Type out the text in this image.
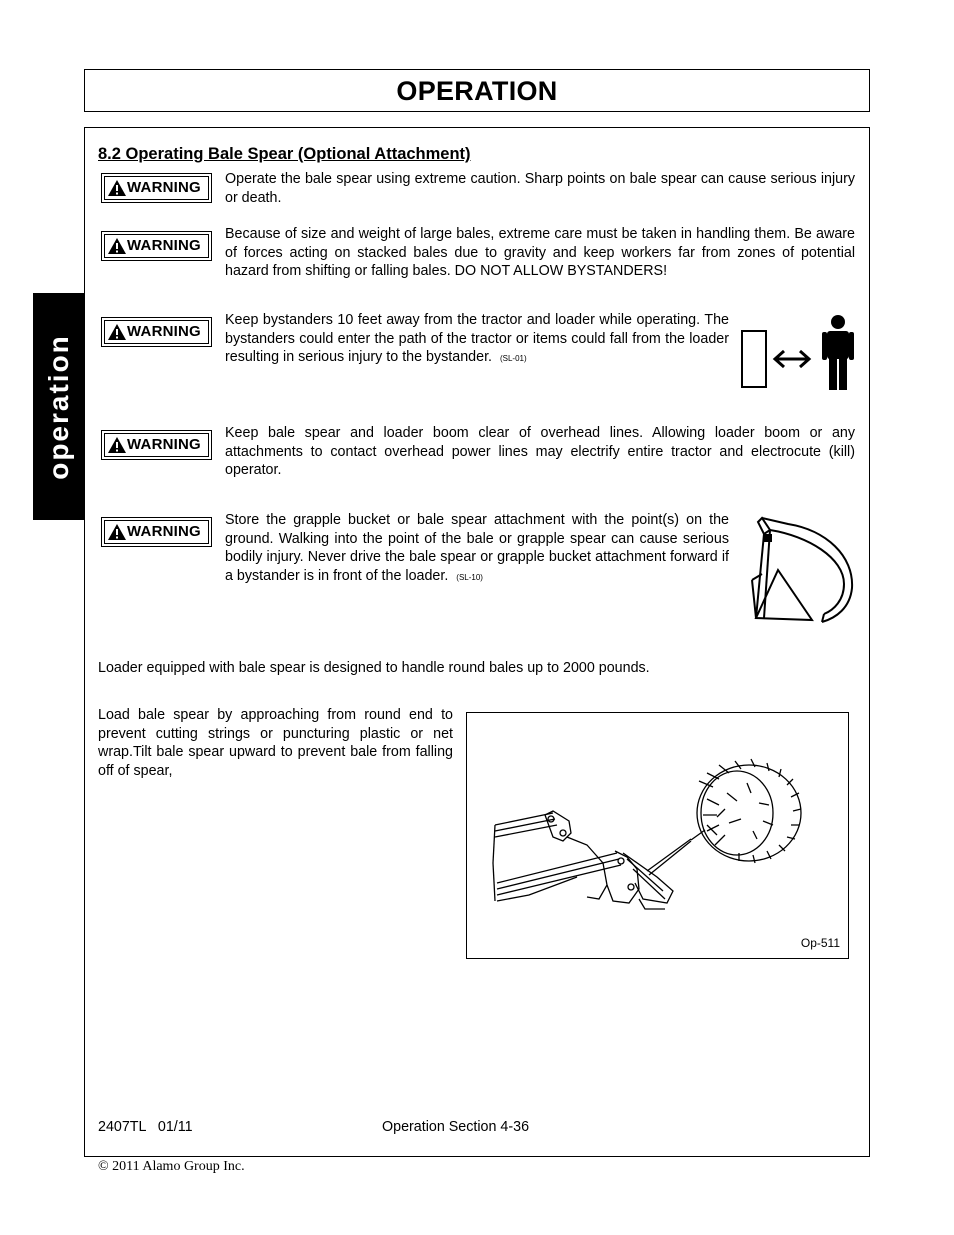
OPERATION
operation
8.2 Operating Bale Spear (Optional Attachment)
WARNING Operate the bale spear using extreme caution. Sharp points on bale spear can cause serious injury or death.
WARNING
Because of size and weight of large bales, extreme care must be taken in handling them. Be aware of forces acting on stacked bales due to gravity and keep workers far from zones of potential hazard from shifting or falling bales. DO NOT ALLOW BYSTANDERS!
WARNING
Keep bystanders 10 feet away from the tractor and loader while operating. The bystanders could enter the path of the tractor or items could fall from the loader resulting in serious injury to the bystander. (SL-01)
WARNING
Keep bale spear and loader boom clear of overhead lines. Allowing loader boom or any attachments to contact overhead power lines may electrify entire tractor and electrocute (kill) operator.
WARNING
Store the grapple bucket or bale spear attachment with the point(s) on the ground. Walking into the point of the bale or grapple spear can cause serious bodily injury. Never drive the bale spear or grapple bucket attachment forward if a bystander is in front of the loader. (SL-10)
Loader equipped with bale spear is designed to handle round bales up to 2000 pounds.
Load bale spear by approaching from round end to prevent cutting strings or puncturing plastic or net wrap.Tilt bale spear upward to prevent bale from falling off of spear,
Op-511
2407TL   01/11	Operation Section 4-36
© 2011 Alamo Group Inc.
